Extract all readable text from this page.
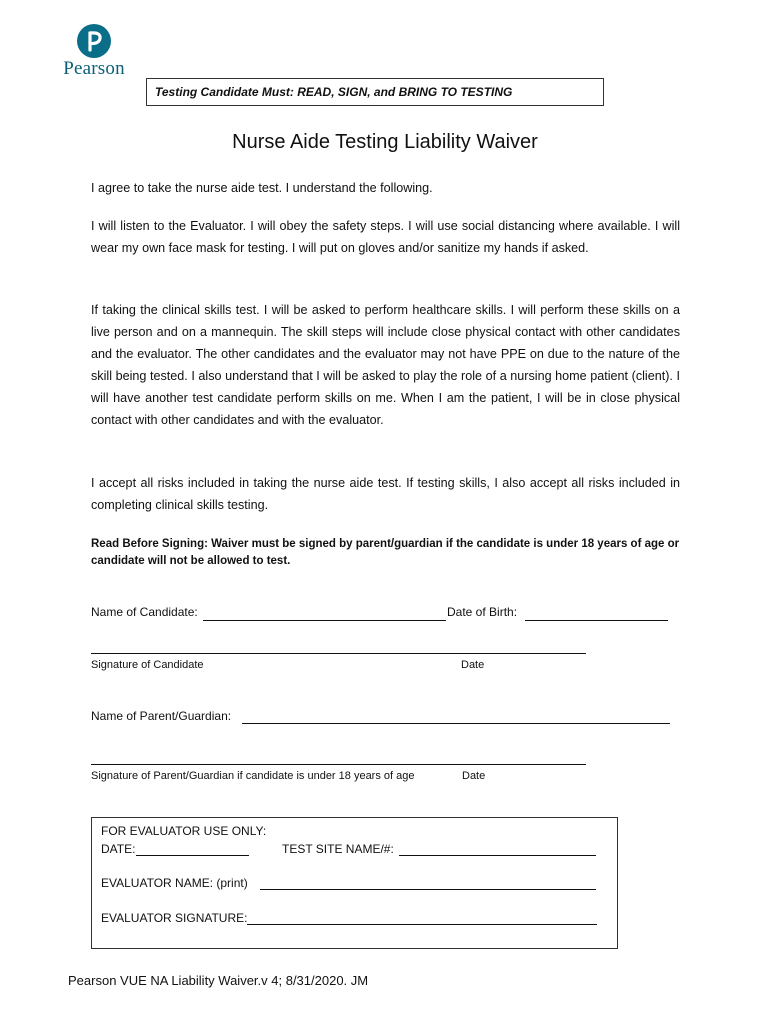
Pearson
Testing Candidate Must: READ, SIGN, and BRING TO TESTING
Nurse Aide Testing Liability Waiver

I agree to take the nurse aide test. I understand the following.

I will listen to the Evaluator. I will obey the safety steps. I will use social distancing where available. I will wear my own face mask for testing. I will put on gloves and/or sanitize my hands if asked.

If taking the clinical skills test. I will be asked to perform healthcare skills. I will perform these skills on a live person and on a mannequin. The skill steps will include close physical contact with other candidates and the evaluator. The other candidates and the evaluator may not have PPE on due to the nature of the skill being tested. I also understand that I will be asked to play the role of a nursing home patient (client). I will have another test candidate perform skills on me. When I am the patient, I will be in close physical contact with other candidates and with the evaluator.

I accept all risks included in taking the nurse aide test. If testing skills, I also accept all risks included in completing clinical skills testing.

Read Before Signing: Waiver must be signed by parent/guardian if the candidate is under 18 years of age or candidate will not be allowed to test.
Name of Candidate:	Date of Birth:
Signature of Candidate	Date
Name of Parent/Guardian:
Signature of Parent/Guardian if candidate is under 18 years of age	Date
FOR EVALUATOR USE ONLY:
DATE:	TEST SITE NAME/#:
EVALUATOR NAME: (print)
EVALUATOR SIGNATURE:
Pearson VUE NA Liability Waiver.v 4; 8/31/2020. JM
